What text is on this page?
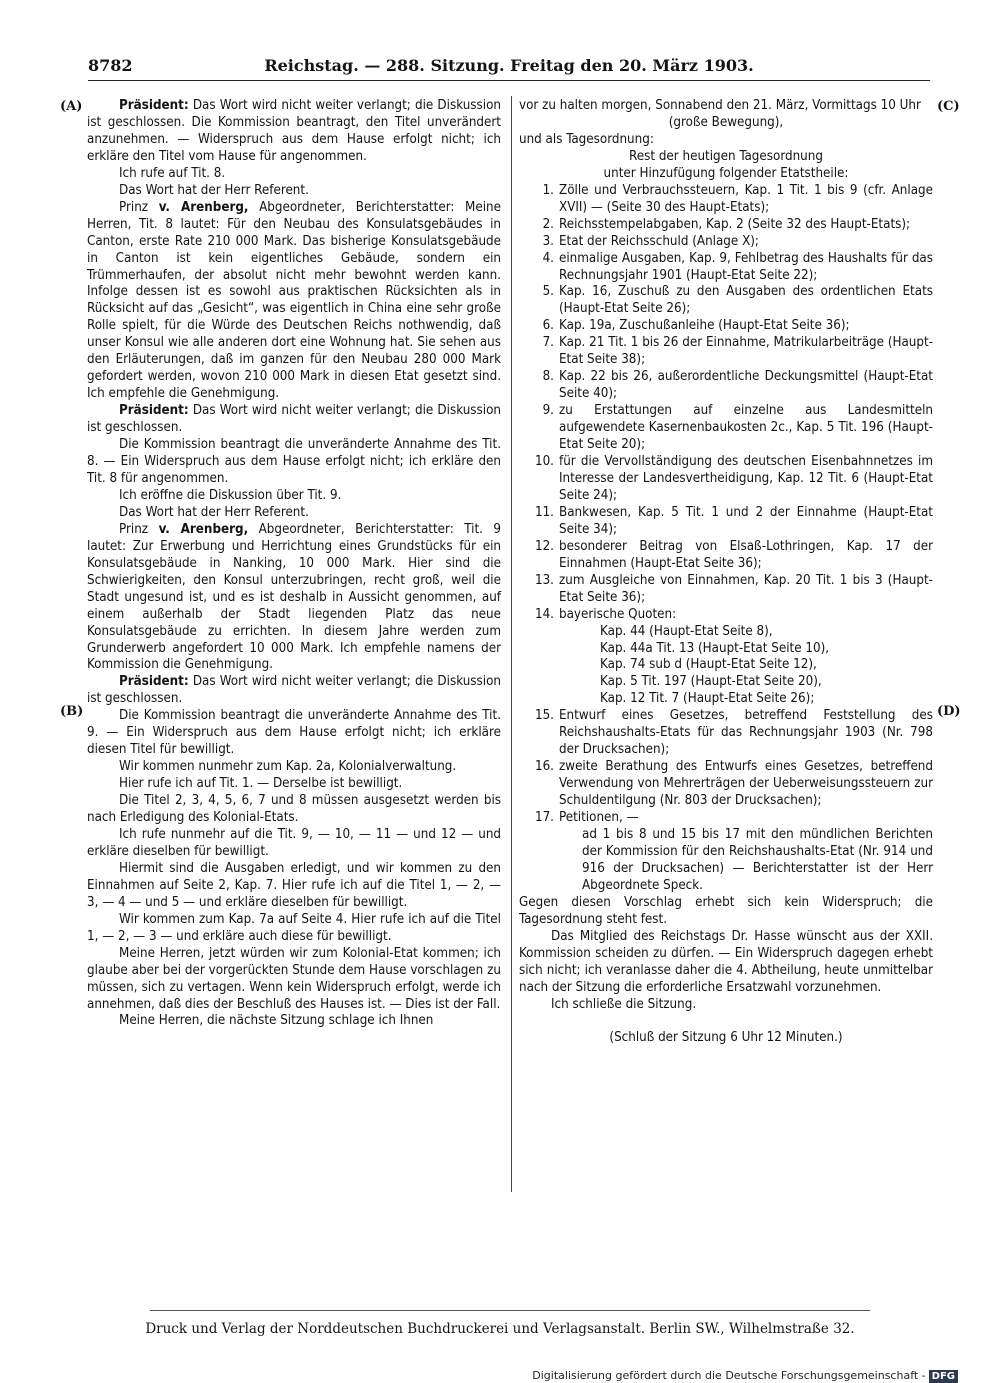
8782	Reichstag. — 288. Sitzung. Freitag den 20. März 1903.
(A)
(B)
(C)
(D)

Präsident: Das Wort wird nicht weiter verlangt; die Diskussion ist geschlossen. Die Kommission beantragt, den Titel unverändert anzunehmen. — Widerspruch aus dem Hause erfolgt nicht; ich erkläre den Titel vom Hause für angenommen.

Ich rufe auf Tit. 8.

Das Wort hat der Herr Referent.

Prinz v. Arenberg, Abgeordneter, Berichterstatter: Meine Herren, Tit. 8 lautet: Für den Neubau des Konsulatsgebäudes in Canton, erste Rate 210 000 Mark. Das bisherige Konsulatsgebäude in Canton ist kein eigentliches Gebäude, sondern ein Trümmerhaufen, der absolut nicht mehr bewohnt werden kann. Infolge dessen ist es sowohl aus praktischen Rücksichten als in Rücksicht auf das „Gesicht“, was eigentlich in China eine sehr große Rolle spielt, für die Würde des Deutschen Reichs nothwendig, daß unser Konsul wie alle anderen dort eine Wohnung hat. Sie sehen aus den Erläuterungen, daß im ganzen für den Neubau 280 000 Mark gefordert werden, wovon 210 000 Mark in diesen Etat gesetzt sind. Ich empfehle die Genehmigung.

Präsident: Das Wort wird nicht weiter verlangt; die Diskussion ist geschlossen.

Die Kommission beantragt die unveränderte Annahme des Tit. 8. — Ein Widerspruch aus dem Hause erfolgt nicht; ich erkläre den Tit. 8 für angenommen.

Ich eröffne die Diskussion über Tit. 9.

Das Wort hat der Herr Referent.

Prinz v. Arenberg, Abgeordneter, Berichterstatter: Tit. 9 lautet: Zur Erwerbung und Herrichtung eines Grundstücks für ein Konsulatsgebäude in Nanking, 10 000 Mark. Hier sind die Schwierigkeiten, den Konsul unterzubringen, recht groß, weil die Stadt ungesund ist, und es ist deshalb in Aussicht genommen, auf einem außerhalb der Stadt liegenden Platz das neue Konsulatsgebäude zu errichten. In diesem Jahre werden zum Grunderwerb angefordert 10 000 Mark. Ich empfehle namens der Kommission die Genehmigung.

Präsident: Das Wort wird nicht weiter verlangt; die Diskussion ist geschlossen.

Die Kommission beantragt die unveränderte Annahme des Tit. 9. — Ein Widerspruch aus dem Hause erfolgt nicht; ich erkläre diesen Titel für bewilligt.

Wir kommen nunmehr zum Kap. 2a, Kolonialverwaltung.

Hier rufe ich auf Tit. 1. — Derselbe ist bewilligt.

Die Titel 2, 3, 4, 5, 6, 7 und 8 müssen ausgesetzt werden bis nach Erledigung des Kolonial-Etats.

Ich rufe nunmehr auf die Tit. 9, — 10, — 11 — und 12 — und erkläre dieselben für bewilligt.

Hiermit sind die Ausgaben erledigt, und wir kommen zu den Einnahmen auf Seite 2, Kap. 7. Hier rufe ich auf die Titel 1, — 2, — 3, — 4 — und 5 — und erkläre dieselben für bewilligt.

Wir kommen zum Kap. 7a auf Seite 4. Hier rufe ich auf die Titel 1, — 2, — 3 — und erkläre auch diese für bewilligt.

Meine Herren, jetzt würden wir zum Kolonial-Etat kommen; ich glaube aber bei der vorgerückten Stunde dem Hause vorschlagen zu müssen, sich zu vertagen. Wenn kein Widerspruch erfolgt, werde ich annehmen, daß dies der Beschluß des Hauses ist. — Dies ist der Fall.

Meine Herren, die nächste Sitzung schlage ich Ihnen

vor zu halten morgen, Sonnabend den 21. März, Vormittags 10 Uhr

(große Bewegung),

und als Tagesordnung:

Rest der heutigen Tagesordnung

unter Hinzufügung folgender Etatstheile:

1. Zölle und Verbrauchssteuern, Kap. 1 Tit. 1 bis 9 (cfr. Anlage XVII) — (Seite 30 des Haupt-Etats);
2. Reichsstempelabgaben, Kap. 2 (Seite 32 des Haupt-Etats);
3. Etat der Reichsschuld (Anlage X);
4. einmalige Ausgaben, Kap. 9, Fehlbetrag des Haushalts für das Rechnungsjahr 1901 (Haupt-Etat Seite 22);
5. Kap. 16, Zuschuß zu den Ausgaben des ordentlichen Etats (Haupt-Etat Seite 26);
6. Kap. 19a, Zuschußanleihe (Haupt-Etat Seite 36);
7. Kap. 21 Tit. 1 bis 26 der Einnahme, Matrikularbeiträge (Haupt-Etat Seite 38);
8. Kap. 22 bis 26, außerordentliche Deckungsmittel (Haupt-Etat Seite 40);
9. zu Erstattungen auf einzelne aus Landesmitteln aufgewendete Kasernenbaukosten 2c., Kap. 5 Tit. 196 (Haupt-Etat Seite 20);
10. für die Vervollständigung des deutschen Eisenbahnnetzes im Interesse der Landesvertheidigung, Kap. 12 Tit. 6 (Haupt-Etat Seite 24);
11. Bankwesen, Kap. 5 Tit. 1 und 2 der Einnahme (Haupt-Etat Seite 34);
12. besonderer Beitrag von Elsaß-Lothringen, Kap. 17 der Einnahmen (Haupt-Etat Seite 36);
13. zum Ausgleiche von Einnahmen, Kap. 20 Tit. 1 bis 3 (Haupt-Etat Seite 36);
14. bayerische Quoten:
Kap. 44 (Haupt-Etat Seite 8),
Kap. 44a Tit. 13 (Haupt-Etat Seite 10),
Kap. 74 sub d (Haupt-Etat Seite 12),
Kap. 5 Tit. 197 (Haupt-Etat Seite 20),
Kap. 12 Tit. 7 (Haupt-Etat Seite 26);
15. Entwurf eines Gesetzes, betreffend Feststellung des Reichshaushalts-Etats für das Rechnungsjahr 1903 (Nr. 798 der Drucksachen);
16. zweite Berathung des Entwurfs eines Gesetzes, betreffend Verwendung von Mehrerträgen der Ueberweisungssteuern zur Schuldentilgung (Nr. 803 der Drucksachen);
17. Petitionen, —

ad 1 bis 8 und 15 bis 17 mit den mündlichen Berichten der Kommission für den Reichshaushalts-Etat (Nr. 914 und 916 der Drucksachen) — Berichterstatter ist der Herr Abgeordnete Speck.

Gegen diesen Vorschlag erhebt sich kein Widerspruch; die Tagesordnung steht fest.

Das Mitglied des Reichstags Dr. Hasse wünscht aus der XXII. Kommission scheiden zu dürfen. — Ein Widerspruch dagegen erhebt sich nicht; ich veranlasse daher die 4. Abtheilung, heute unmittelbar nach der Sitzung die erforderliche Ersatzwahl vorzunehmen.

Ich schließe die Sitzung.

(Schluß der Sitzung 6 Uhr 12 Minuten.)

Druck und Verlag der Norddeutschen Buchdruckerei und Verlagsanstalt. Berlin SW., Wilhelmstraße 32.
Digitalisierung gefördert durch die Deutsche Forschungsgemeinschaft - DFG
